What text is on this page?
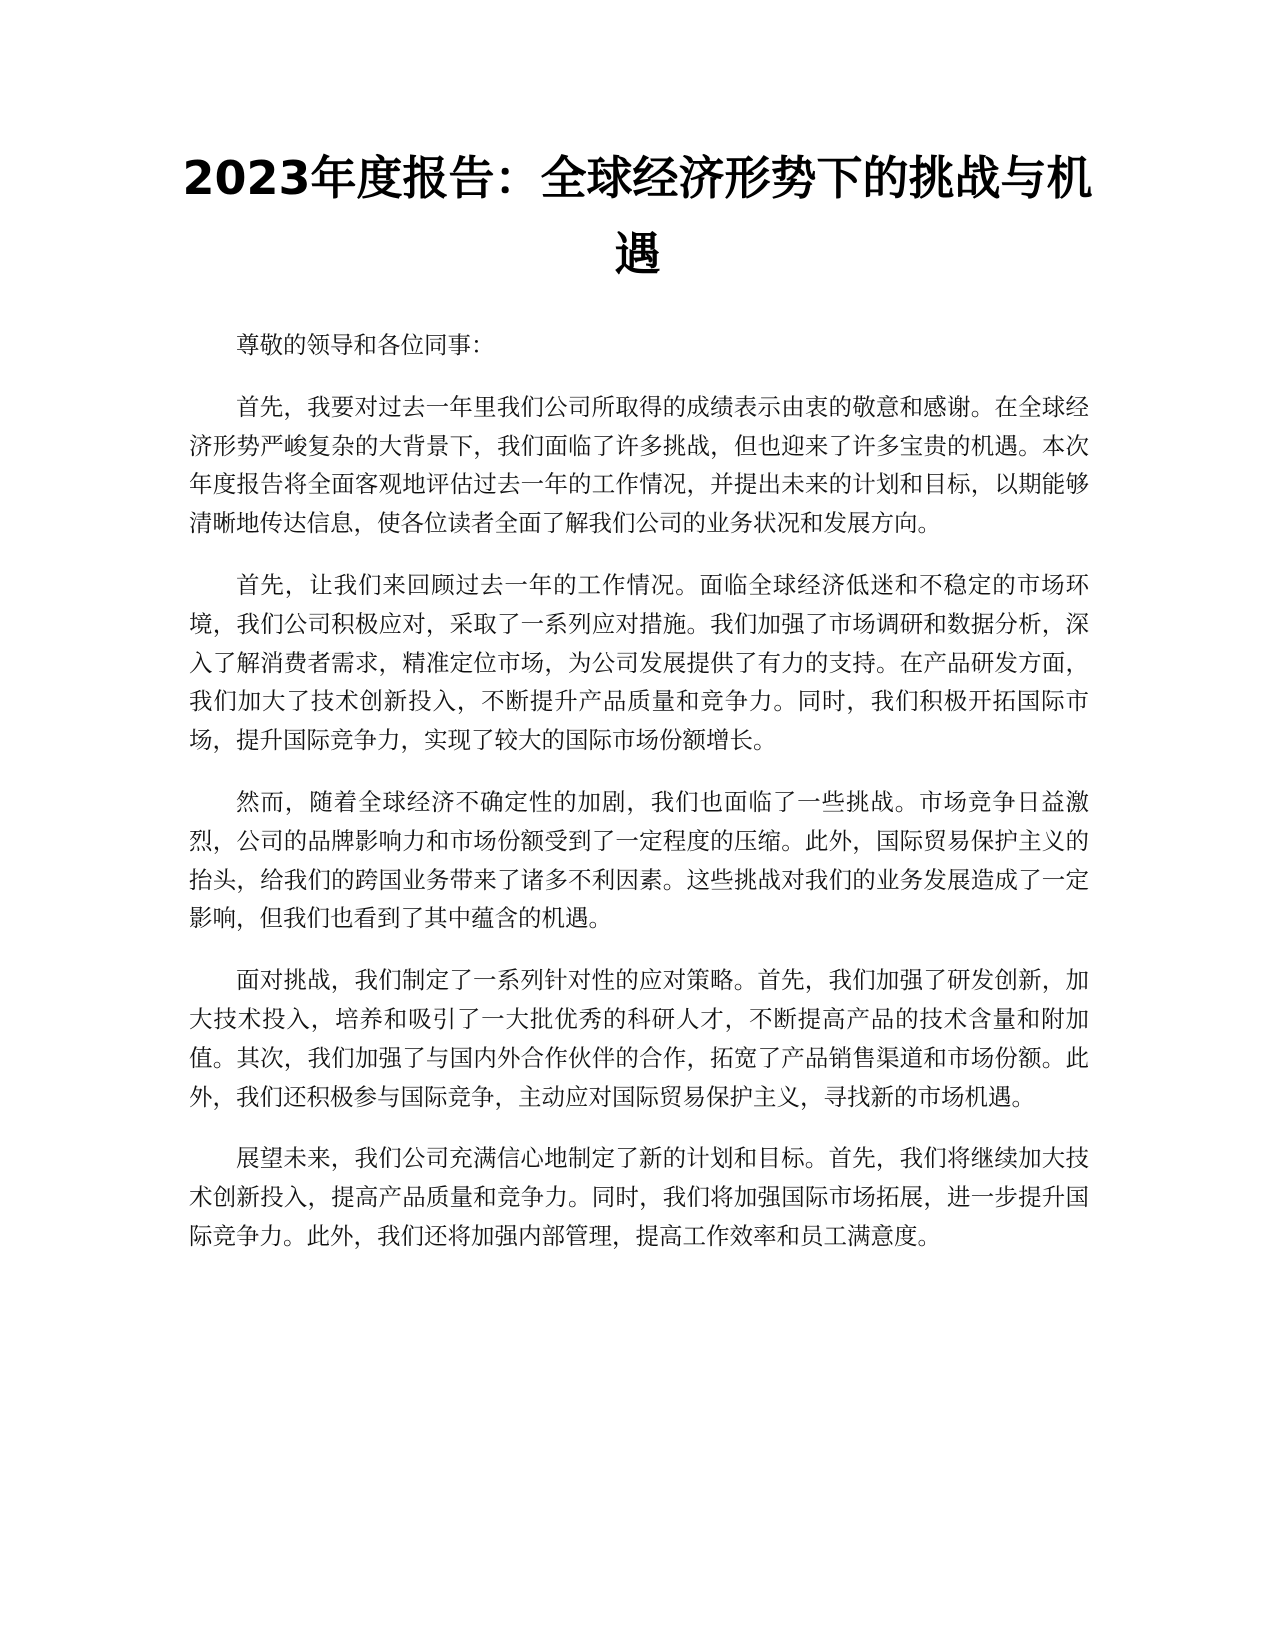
2023年度报告：全球经济形势下的挑战与机遇

尊敬的领导和各位同事：

首先，我要对过去一年里我们公司所取得的成绩表示由衷的敬意和感谢。在全球经济形势严峻复杂的大背景下，我们面临了许多挑战，但也迎来了许多宝贵的机遇。本次年度报告将全面客观地评估过去一年的工作情况，并提出未来的计划和目标，以期能够清晰地传达信息，使各位读者全面了解我们公司的业务状况和发展方向。

首先，让我们来回顾过去一年的工作情况。面临全球经济低迷和不稳定的市场环境，我们公司积极应对，采取了一系列应对措施。我们加强了市场调研和数据分析，深入了解消费者需求，精准定位市场，为公司发展提供了有力的支持。在产品研发方面，我们加大了技术创新投入，不断提升产品质量和竞争力。同时，我们积极开拓国际市场，提升国际竞争力，实现了较大的国际市场份额增长。

然而，随着全球经济不确定性的加剧，我们也面临了一些挑战。市场竞争日益激烈，公司的品牌影响力和市场份额受到了一定程度的压缩。此外，国际贸易保护主义的抬头，给我们的跨国业务带来了诸多不利因素。这些挑战对我们的业务发展造成了一定影响，但我们也看到了其中蕴含的机遇。

面对挑战，我们制定了一系列针对性的应对策略。首先，我们加强了研发创新，加大技术投入，培养和吸引了一大批优秀的科研人才，不断提高产品的技术含量和附加值。其次，我们加强了与国内外合作伙伴的合作，拓宽了产品销售渠道和市场份额。此外，我们还积极参与国际竞争，主动应对国际贸易保护主义，寻找新的市场机遇。

展望未来，我们公司充满信心地制定了新的计划和目标。首先，我们将继续加大技术创新投入，提高产品质量和竞争力。同时，我们将加强国际市场拓展，进一步提升国际竞争力。此外，我们还将加强内部管理，提高工作效率和员工满意度。
